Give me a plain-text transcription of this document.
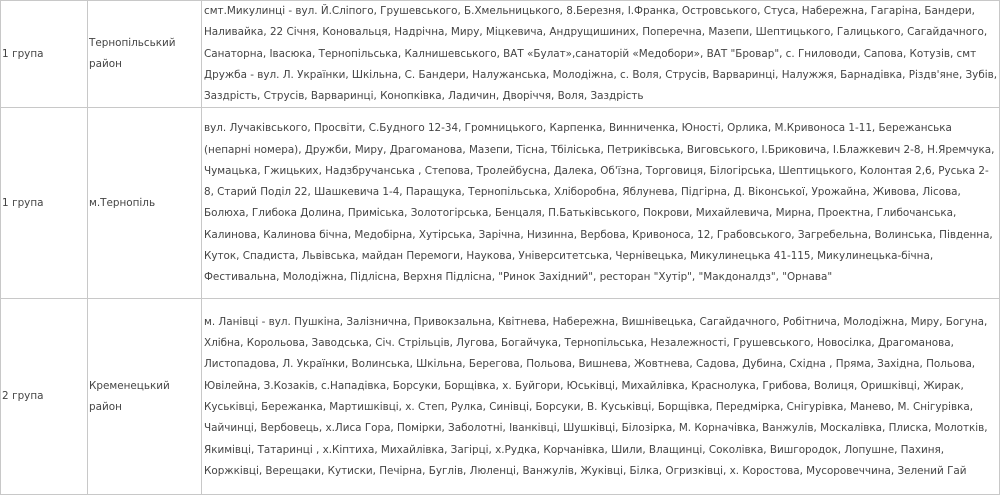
1 група	Тернопільський район	смт.Микулинці - вул. Й.Сліпого, Грушевського, Б.Хмельницького, 8.Березня, І.Франка, Островського, Стуса, Набережна, Гагаріна, Бандери, Наливайка, 22 Січня, Коновальця, Надрічна, Миру, Міцкевича, Андрущишиних, Поперечна, Мазепи, Шептицького, Галицького, Сагайдачного, Санаторна, Івасюка, Тернопільська, Калнишевського, ВАТ «Булат»,санаторій «Медобори», ВАТ "Бровар", с. Гниловоди, Сапова, Котузів, смт Дружба - вул. Л. Українки, Шкільна, С. Бандери, Налужанська, Молодіжна, с. Воля, Струсів, Варваринці, Налужжя, Барнадівка, Різдв'яне, Зубів, Заздрість, Струсів, Варваринці, Конопківка, Ладичин, Дворіччя, Воля, Заздрість

1 група	м.Тернопіль	вул. Лучаківського, Просвіти, С.Будного 12-34, Громницького, Карпенка, Винниченка, Юності, Орлика, М.Кривоноса 1-11, Бережанська (непарні номера), Дружби, Миру, Драгоманова, Мазепи, Тісна, Тбіліська, Петриківська, Виговського, І.Бриковича, І.Блажкевич 2-8, Н.Яремчука, Чумацька, Гжицьких, Надзбручанська , Степова, Тролейбусна, Далека, Об'їзна, Торговиця, Білогірська, Шептицького, Колонтая 2,6, Руська 2-8, Старий Поділ 22, Шашкевича 1-4, Паращука, Тернопільська, Хліборобна, Яблунева, Підгірна, Д. Віконської, Урожайна, Живова, Лісова, Болюха, Глибока Долина, Приміська, Золотогірська, Бенцаля, П.Батьківського, Покрови, Михайлевича, Мирна, Проектна, Глибочанська, Калинова, Калинова бічна, Медобірна, Хутірська, Зарічна, Низинна, Вербова, Кривоноса, 12, Грабовського, Загребельна, Волинська, Південна, Куток, Спадиста, Львівська, майдан Перемоги, Наукова, Університетська, Чернівецька, Микулинецька 41-115, Микулинецька-бічна, Фестивальна, Молодіжна, Підлісна, Верхня Підлісна, "Ринок Західний", ресторан "Хутір", "Макдоналдз", "Орнава"

2 група	Кременецький район	м. Ланівці - вул. Пушкіна, Залізнична, Привокзальна, Квітнева, Набережна, Вишнівецька, Сагайдачного, Робітнича, Молодіжна, Миру, Богуна, Хлібна, Корольова, Заводська, Січ. Стрільців, Лугова, Богайчука, Тернопільська, Незалежності, Грушевського, Новосілка, Драгоманова, Листопадова, Л. Українки, Волинська, Шкільна, Берегова, Польова, Вишнева, Жовтнева, Садова, Дубина, Східна , Пряма, Західна, Польова, Ювілейна, З.Козаків, с.Нападівка, Борсуки, Борщівка, х. Буйгори, Юськівці, Михайлівка, Краснолука, Грибова, Волиця, Оришківці, Жирак, Куськівці, Бережанка, Мартишківці, х. Степ, Рулка, Синівці, Борсуки, В. Куськівці, Борщівка, Передмірка, Снігурівка, Манево, М. Снігурівка, Чайчинці, Вербовець, х.Лиса Гора, Помірки, Заболотні, Іванківці, Шушківці, Білозірка, М. Корначівка, Ванжулів, Москалівка, Плиска, Молотків, Якимівці, Татаринці , х.Кіптиха, Михайлівка, Загірці, х.Рудка, Корчанівка, Шили, Влащинці, Соколівка, Вишгородок, Лопушне, Пахиня, Коржківці, Верещаки, Кутиски, Печірна, Буглів, Люленці, Ванжулів, Жуківці, Білка, Огризківці, х. Коростова, Мусоровеччина, Зелений Гай
